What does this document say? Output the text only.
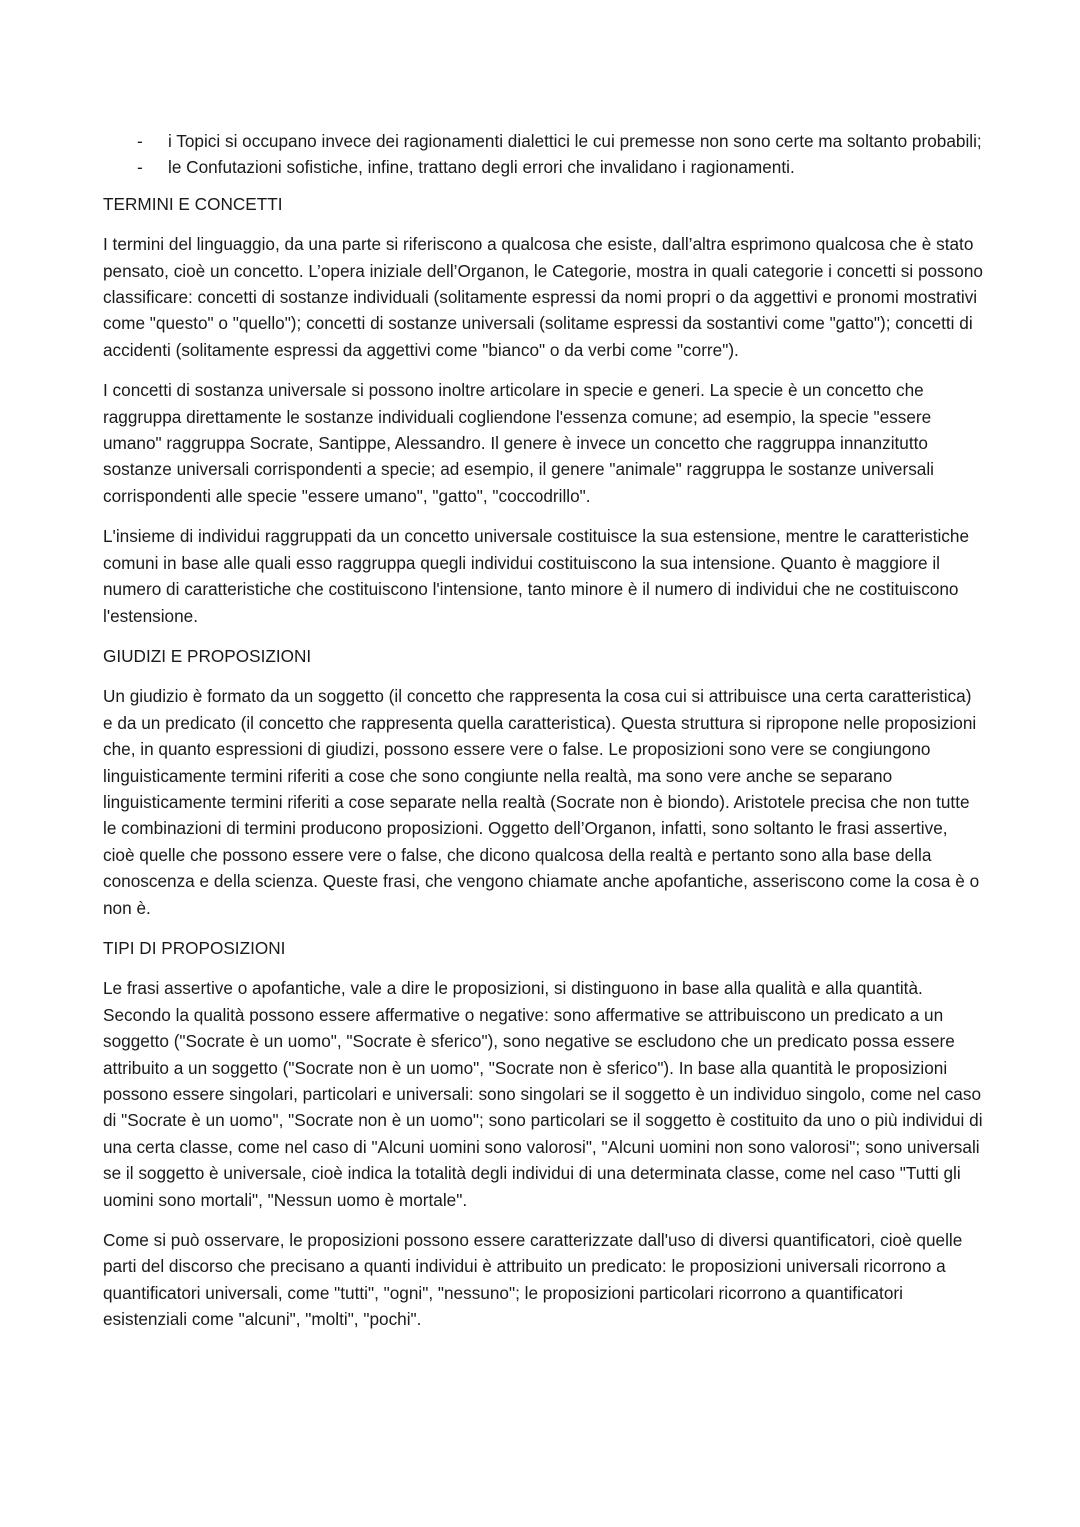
- i Topici si occupano invece dei ragionamenti dialettici le cui premesse non sono certe ma soltanto probabili;
- le Confutazioni sofistiche, infine, trattano degli errori che invalidano i ragionamenti.
TERMINI E CONCETTI

I termini del linguaggio, da una parte si riferiscono a qualcosa che esiste, dall’altra esprimono qualcosa che è stato pensato, cioè un concetto. L’opera iniziale dell’Organon, le Categorie, mostra in quali categorie i concetti si possono classificare: concetti di sostanze individuali (solitamente espressi da nomi propri o da aggettivi e pronomi mostrativi come "questo" o "quello"); concetti di sostanze universali (solitame espressi da sostantivi come "gatto"); concetti di accidenti (solitamente espressi da aggettivi come "bianco" o da verbi come "corre").

I concetti di sostanza universale si possono inoltre articolare in specie e generi. La specie è un concetto che raggruppa direttamente le sostanze individuali cogliendone l'essenza comune; ad esempio, la specie "essere umano" raggruppa Socrate, Santippe, Alessandro. Il genere è invece un concetto che raggruppa innanzitutto sostanze universali corrispondenti a specie; ad esempio, il genere "animale" raggruppa le sostanze universali corrispondenti alle specie "essere umano", "gatto", "coccodrillo".

L'insieme di individui raggruppati da un concetto universale costituisce la sua estensione, mentre le caratteristiche comuni in base alle quali esso raggruppa quegli individui costituiscono la sua intensione. Quanto è maggiore il numero di caratteristiche che costituiscono l'intensione, tanto minore è il numero di individui che ne costituiscono l'estensione.

GIUDIZI E PROPOSIZIONI

Un giudizio è formato da un soggetto (il concetto che rappresenta la cosa cui si attribuisce una certa caratteristica) e da un predicato (il concetto che rappresenta quella caratteristica). Questa struttura si ripropone nelle proposizioni che, in quanto espressioni di giudizi, possono essere vere o false. Le proposizioni sono vere se congiungono linguisticamente termini riferiti a cose che sono congiunte nella realtà, ma sono vere anche se separano linguisticamente termini riferiti a cose separate nella realtà (Socrate non è biondo). Aristotele precisa che non tutte le combinazioni di termini producono proposizioni. Oggetto dell’Organon, infatti, sono soltanto le frasi assertive, cioè quelle che possono essere vere o false, che dicono qualcosa della realtà e pertanto sono alla base della conoscenza e della scienza. Queste frasi, che vengono chiamate anche apofantiche, asseriscono come la cosa è o non è.

TIPI DI PROPOSIZIONI

Le frasi assertive o apofantiche, vale a dire le proposizioni, si distinguono in base alla qualità e alla quantità. Secondo la qualità possono essere affermative o negative: sono affermative se attribuiscono un predicato a un soggetto ("Socrate è un uomo", "Socrate è sferico"), sono negative se escludono che un predicato possa essere attribuito a un soggetto ("Socrate non è un uomo", "Socrate non è sferico"). In base alla quantità le proposizioni possono essere singolari, particolari e universali: sono singolari se il soggetto è un individuo singolo, come nel caso di "Socrate è un uomo", "Socrate non è un uomo"; sono particolari se il soggetto è costituito da uno o più individui di una certa classe, come nel caso di "Alcuni uomini sono valorosi", "Alcuni uomini non sono valorosi"; sono universali se il soggetto è universale, cioè indica la totalità degli individui di una determinata classe, come nel caso "Tutti gli uomini sono mortali", "Nessun uomo è mortale".

Come si può osservare, le proposizioni possono essere caratterizzate dall'uso di diversi quantificatori, cioè quelle parti del discorso che precisano a quanti individui è attribuito un predicato: le proposizioni universali ricorrono a quantificatori universali, come "tutti", "ogni", "nessuno"; le proposizioni particolari ricorrono a quantificatori esistenziali come "alcuni", "molti", "pochi".
